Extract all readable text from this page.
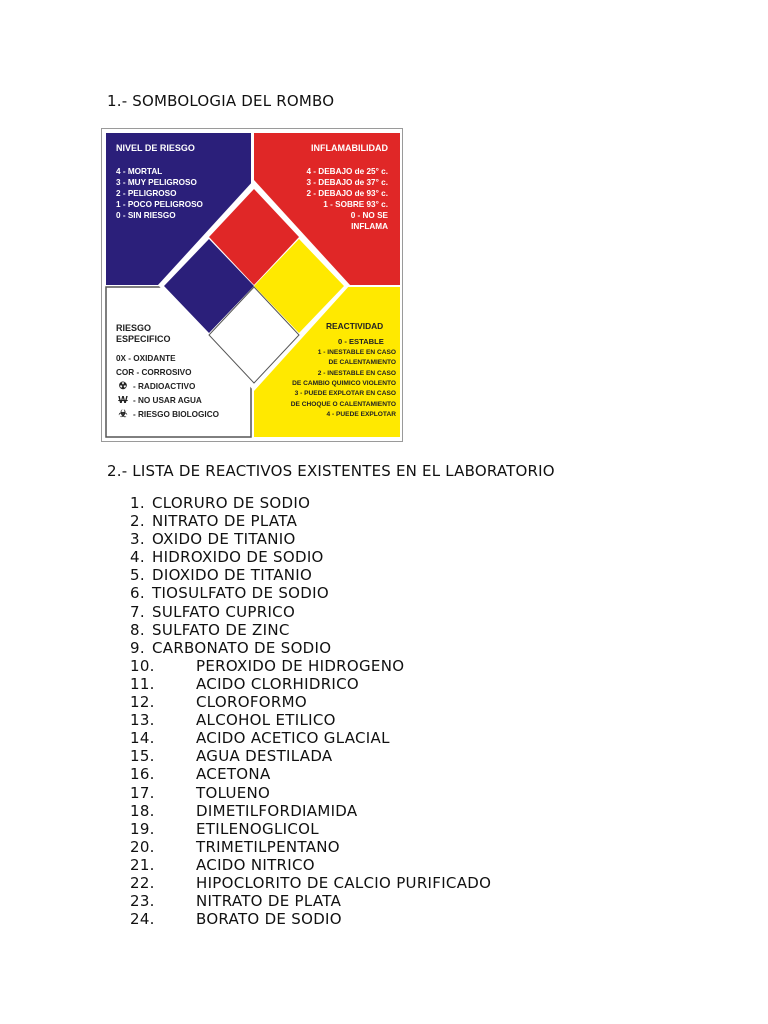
1.- SOMBOLOGIA DEL ROMBO
NIVEL DE RIESGO
4 - MORTAL
3 - MUY PELIGROSO
2 - PELIGROSO
1 - POCO PELIGROSO
0 - SIN RIESGO
INFLAMABILIDAD
4 - DEBAJO de 25° c.
3 - DEBAJO de 37° c.
2 - DEBAJO de 93° c.
1 - SOBRE 93° c.
0 - NO SE
INFLAMA
RIESGO
ESPECIFICO
0X - OXIDANTE
COR - CORROSIVO
☢ - RADIOACTIVO
W - NO USAR AGUA
☣ - RIESGO BIOLOGICO
REACTIVIDAD
0 - ESTABLE
1 - INESTABLE EN CASO
DE CALENTAMIENTO
2 - INESTABLE EN CASO
DE CAMBIO QUIMICO VIOLENTO
3 - PUEDE EXPLOTAR EN CASO
DE CHOQUE O CALENTAMIENTO
4 - PUEDE EXPLOTAR
2.- LISTA DE REACTIVOS EXISTENTES EN EL LABORATORIO
1. CLORURO DE SODIO
2. NITRATO DE PLATA
3. OXIDO DE TITANIO
4. HIDROXIDO DE SODIO
5. DIOXIDO DE TITANIO
6. TIOSULFATO DE SODIO
7. SULFATO CUPRICO
8. SULFATO DE ZINC
9. CARBONATO DE SODIO
10.	PEROXIDO DE HIDROGENO
11.	ACIDO CLORHIDRICO
12.	CLOROFORMO
13.	ALCOHOL ETILICO
14.	ACIDO ACETICO GLACIAL
15.	AGUA DESTILADA
16.	ACETONA
17.	TOLUENO
18.	DIMETILFORDIAMIDA
19.	ETILENOGLICOL
20.	TRIMETILPENTANO
21.	ACIDO NITRICO
22.	HIPOCLORITO DE CALCIO PURIFICADO
23.	NITRATO DE PLATA
24.	BORATO DE SODIO
